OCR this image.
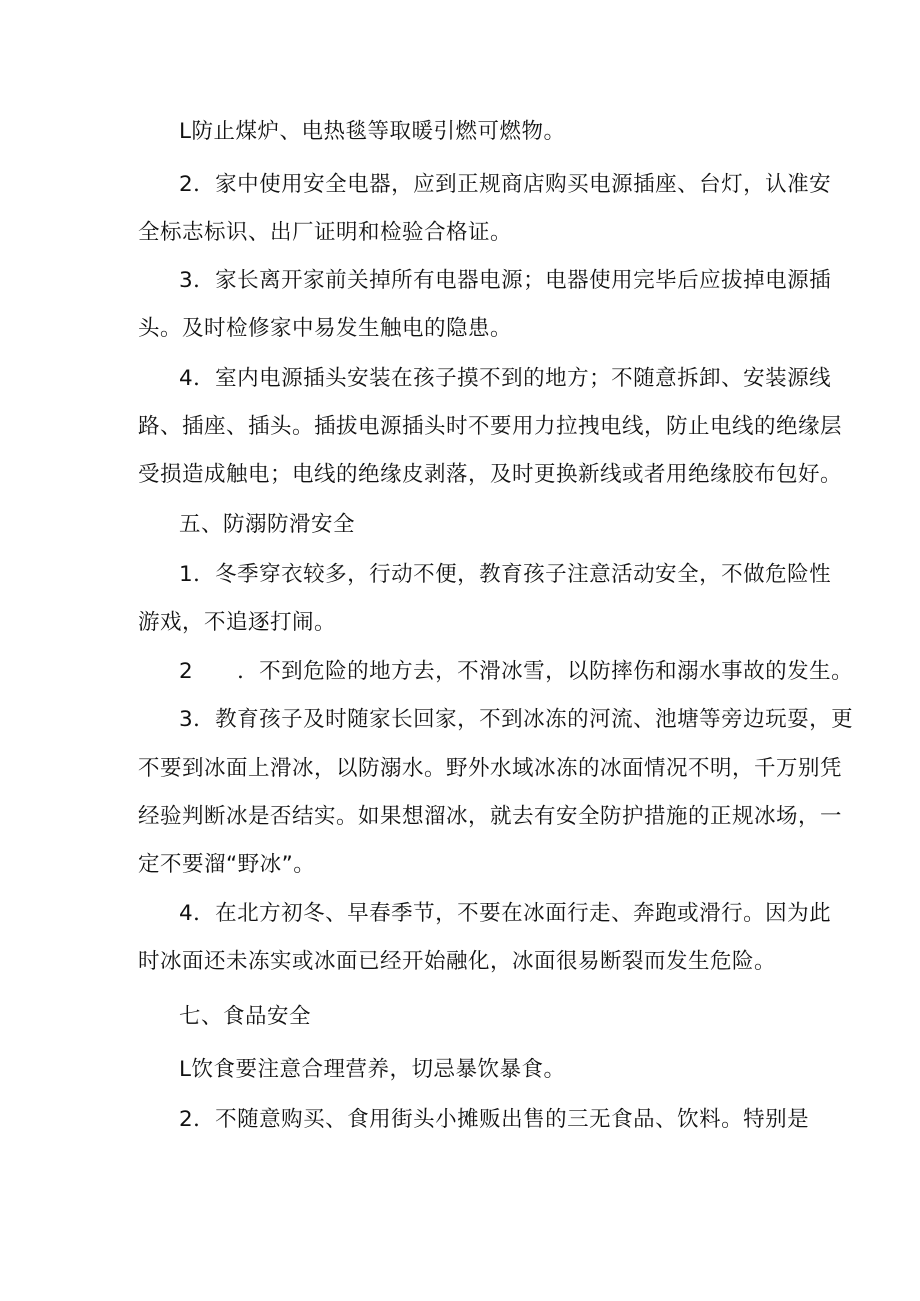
L防止煤炉、电热毯等取暖引燃可燃物。
2．家中使用安全电器，应到正规商店购买电源插座、台灯，认准安
全标志标识、出厂证明和检验合格证。
3．家长离开家前关掉所有电器电源；电器使用完毕后应拔掉电源插
头。及时检修家中易发生触电的隐患。
4．室内电源插头安装在孩子摸不到的地方；不随意拆卸、安装源线
路、插座、插头。插拔电源插头时不要用力拉拽电线，防止电线的绝缘层
受损造成触电；电线的绝缘皮剥落，及时更换新线或者用绝缘胶布包好。
五、防溺防滑安全
1．冬季穿衣较多，行动不便，教育孩子注意活动安全，不做危险性
游戏，不追逐打闹。
2　　．不到危险的地方去，不滑冰雪，以防摔伤和溺水事故的发生。
3．教育孩子及时随家长回家，不到冰冻的河流、池塘等旁边玩耍，更
不要到冰面上滑冰，以防溺水。野外水域冰冻的冰面情况不明，千万别凭
经验判断冰是否结实。如果想溜冰，就去有安全防护措施的正规冰场，一
定不要溜“野冰”。
4．在北方初冬、早春季节，不要在冰面行走、奔跑或滑行。因为此
时冰面还未冻实或冰面已经开始融化，冰面很易断裂而发生危险。
七、食品安全
L饮食要注意合理营养，切忌暴饮暴食。
2．不随意购买、食用街头小摊贩出售的三无食品、饮料。特别是
